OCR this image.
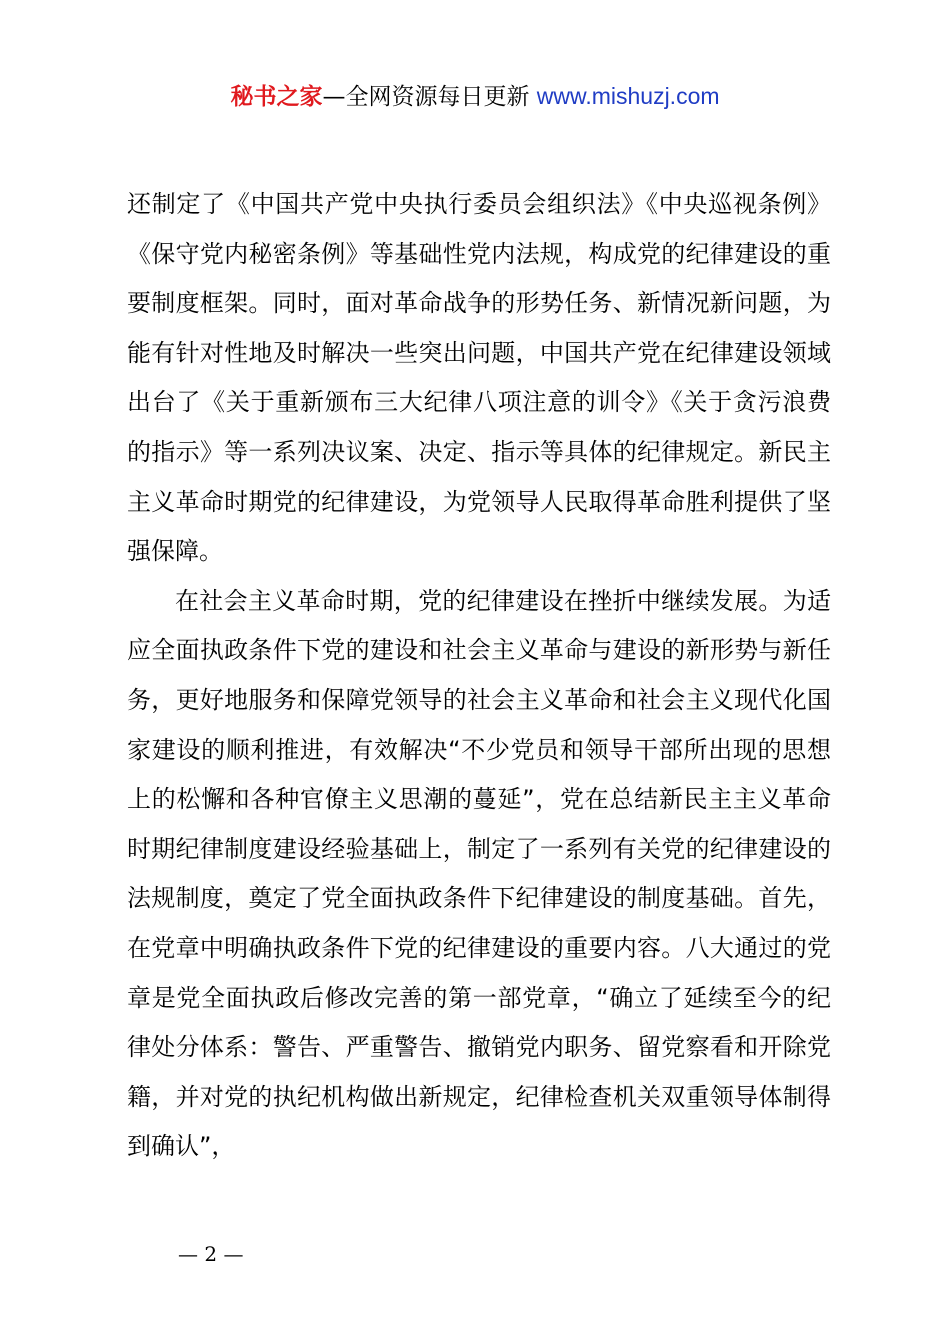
秘书之家—全网资源每日更新 www.mishuzj.com

还制定了《中国共产党中央执行委员会组织法》《中央巡视条例》《保守党内秘密条例》等基础性党内法规，构成党的纪律建设的重要制度框架。同时，面对革命战争的形势任务、新情况新问题，为能有针对性地及时解决一些突出问题，中国共产党在纪律建设领域出台了《关于重新颁布三大纪律八项注意的训令》《关于贪污浪费的指示》等一系列决议案、决定、指示等具体的纪律规定。新民主主义革命时期党的纪律建设，为党领导人民取得革命胜利提供了坚强保障。

在社会主义革命时期，党的纪律建设在挫折中继续发展。为适应全面执政条件下党的建设和社会主义革命与建设的新形势与新任务，更好地服务和保障党领导的社会主义革命和社会主义现代化国家建设的顺利推进，有效解决“不少党员和领导干部所出现的思想上的松懈和各种官僚主义思潮的蔓延”，党在总结新民主主义革命时期纪律制度建设经验基础上，制定了一系列有关党的纪律建设的法规制度，奠定了党全面执政条件下纪律建设的制度基础。首先，在党章中明确执政条件下党的纪律建设的重要内容。八大通过的党章是党全面执政后修改完善的第一部党章，“确立了延续至今的纪律处分体系：警告、严重警告、撤销党内职务、留党察看和开除党籍，并对党的执纪机构做出新规定，纪律检查机关双重领导体制得到确认”，

— 2 —
